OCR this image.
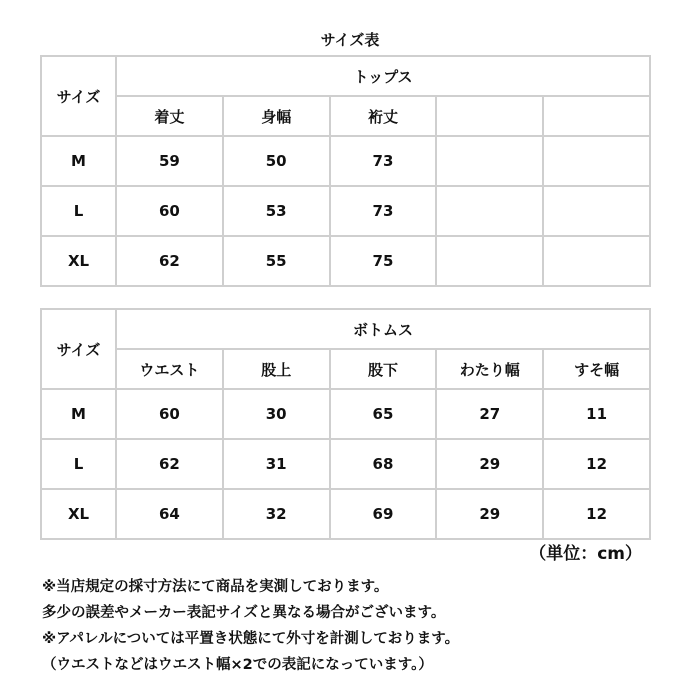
サイズ表
サイズ	トップス				
	着丈	身幅	裄丈		
M	59	50	73		
L	60	53	73		
XL	62	55	75		
サイズ	ボトムス				
	ウエスト	股上	股下	わたり幅	すそ幅
M	60	30	65	27	11
L	62	31	68	29	12
XL	64	32	69	29	12
（単位：cm）
※当店規定の採寸方法にて商品を実測しております。
多少の誤差やメーカー表記サイズと異なる場合がございます。
※アパレルについては平置き状態にて外寸を計測しております。
（ウエストなどはウエスト幅×2での表記になっています。）
